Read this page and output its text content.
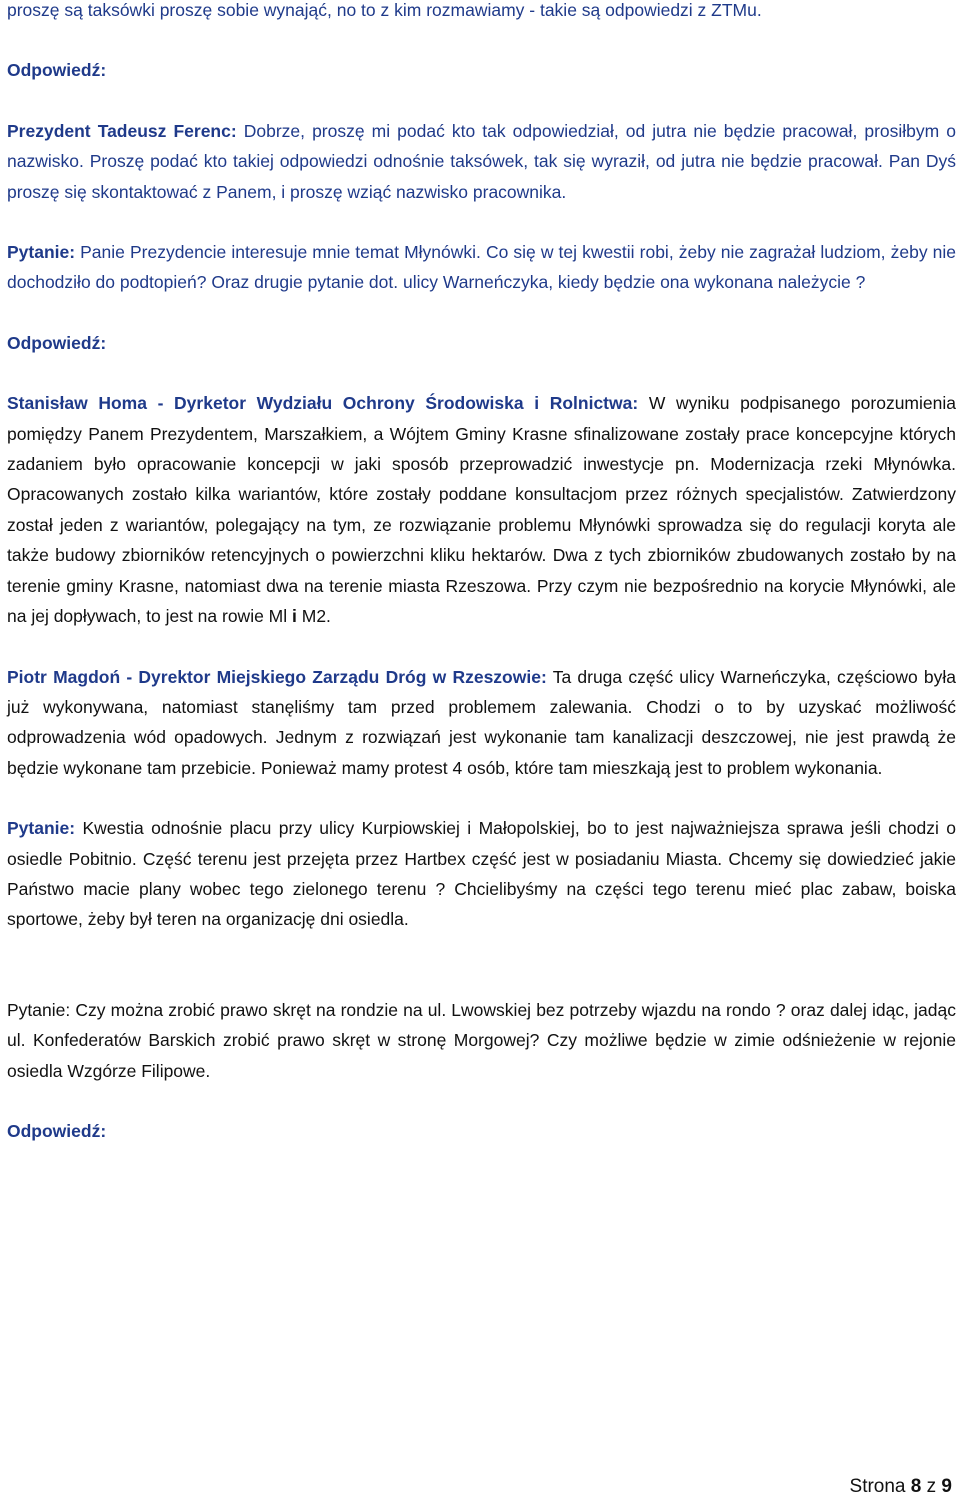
proszę są taksówki proszę sobie wynająć, no to z kim rozmawiamy - takie są odpowiedzi z ZTMu.

Odpowiedź:

Prezydent Tadeusz Ferenc: Dobrze, proszę mi podać kto tak odpowiedział, od jutra nie będzie pracował, prosiłbym o nazwisko. Proszę podać kto takiej odpowiedzi odnośnie taksówek, tak się wyraził, od jutra nie będzie pracował. Pan Dyś proszę się skontaktować z Panem, i proszę wziąć nazwisko pracownika.

Pytanie: Panie Prezydencie interesuje mnie temat Młynówki. Co się w tej kwestii robi, żeby nie zagrażał ludziom, żeby nie dochodziło do podtopień? Oraz drugie pytanie dot. ulicy Warneńczyka, kiedy będzie ona wykonana należycie ?

Odpowiedź:

Stanisław Homa - Dyrketor Wydziału Ochrony Środowiska i Rolnictwa: W wyniku podpisanego porozumienia pomiędzy Panem Prezydentem, Marszałkiem, a Wójtem Gminy Krasne sfinalizowane zostały prace koncepcyjne których zadaniem było opracowanie koncepcji w jaki sposób przeprowadzić inwestycje pn. Modernizacja rzeki Młynówka. Opracowanych zostało kilka wariantów, które zostały poddane konsultacjom przez różnych specjalistów. Zatwierdzony został jeden z wariantów, polegający na tym, ze rozwiązanie problemu Młynówki sprowadza się do regulacji koryta ale także budowy zbiorników retencyjnych o powierzchni kliku hektarów. Dwa z tych zbiorników zbudowanych zostało by na terenie gminy Krasne, natomiast dwa na terenie miasta Rzeszowa. Przy czym nie bezpośrednio na korycie Młynówki, ale na jej dopływach, to jest na rowie Ml i M2.

Piotr Magdoń - Dyrektor Miejskiego Zarządu Dróg w Rzeszowie: Ta druga część ulicy Warneńczyka, częściowo była już wykonywana, natomiast stanęliśmy tam przed problemem zalewania. Chodzi o to by uzyskać możliwość odprowadzenia wód opadowych. Jednym z rozwiązań jest wykonanie tam kanalizacji deszczowej, nie jest prawdą że będzie wykonane tam przebicie. Ponieważ mamy protest 4 osób, które tam mieszkają jest to problem wykonania.

Pytanie: Kwestia odnośnie placu przy ulicy Kurpiowskiej i Małopolskiej, bo to jest najważniejsza sprawa jeśli chodzi o osiedle Pobitnio. Część terenu jest przejęta przez Hartbex część jest w posiadaniu Miasta. Chcemy się dowiedzieć jakie Państwo macie plany wobec tego zielonego terenu ? Chcielibyśmy na części tego terenu mieć plac zabaw, boiska sportowe, żeby był teren na organizację dni osiedla.

Pytanie: Czy można zrobić prawo skręt na rondzie na ul. Lwowskiej bez potrzeby wjazdu na rondo ? oraz dalej idąc, jadąc ul. Konfederatów Barskich zrobić prawo skręt w stronę Morgowej? Czy możliwe będzie w zimie odśnieżenie w rejonie osiedla Wzgórze Filipowe.

Odpowiedź:

Strona 8 z 9
